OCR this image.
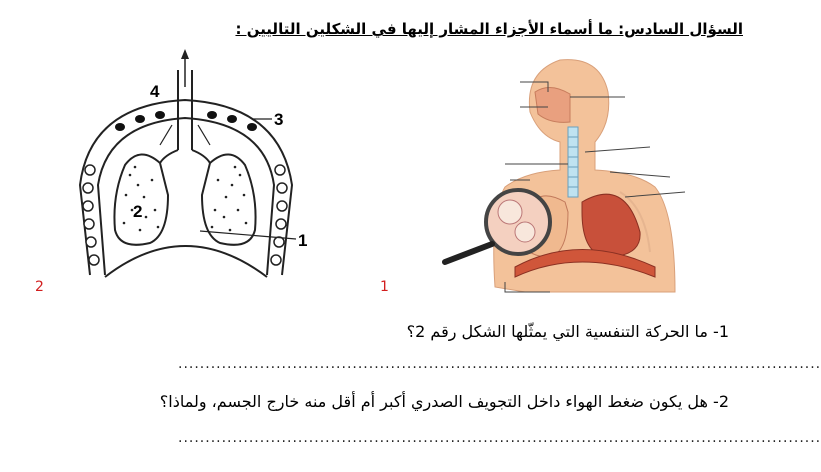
السؤال السادس: ما أسماء الأجزاء المشار إليها في الشكلين التاليين :
4
3
2
1
2	1
1- ما الحركة التنفسية التي يمثّلها الشكل رقم 2؟
......................................................................................................................
2- هل يكون ضغط الهواء داخل التجويف الصدري أكبر أم أقل منه خارج الجسم، ولماذا؟
......................................................................................................................
